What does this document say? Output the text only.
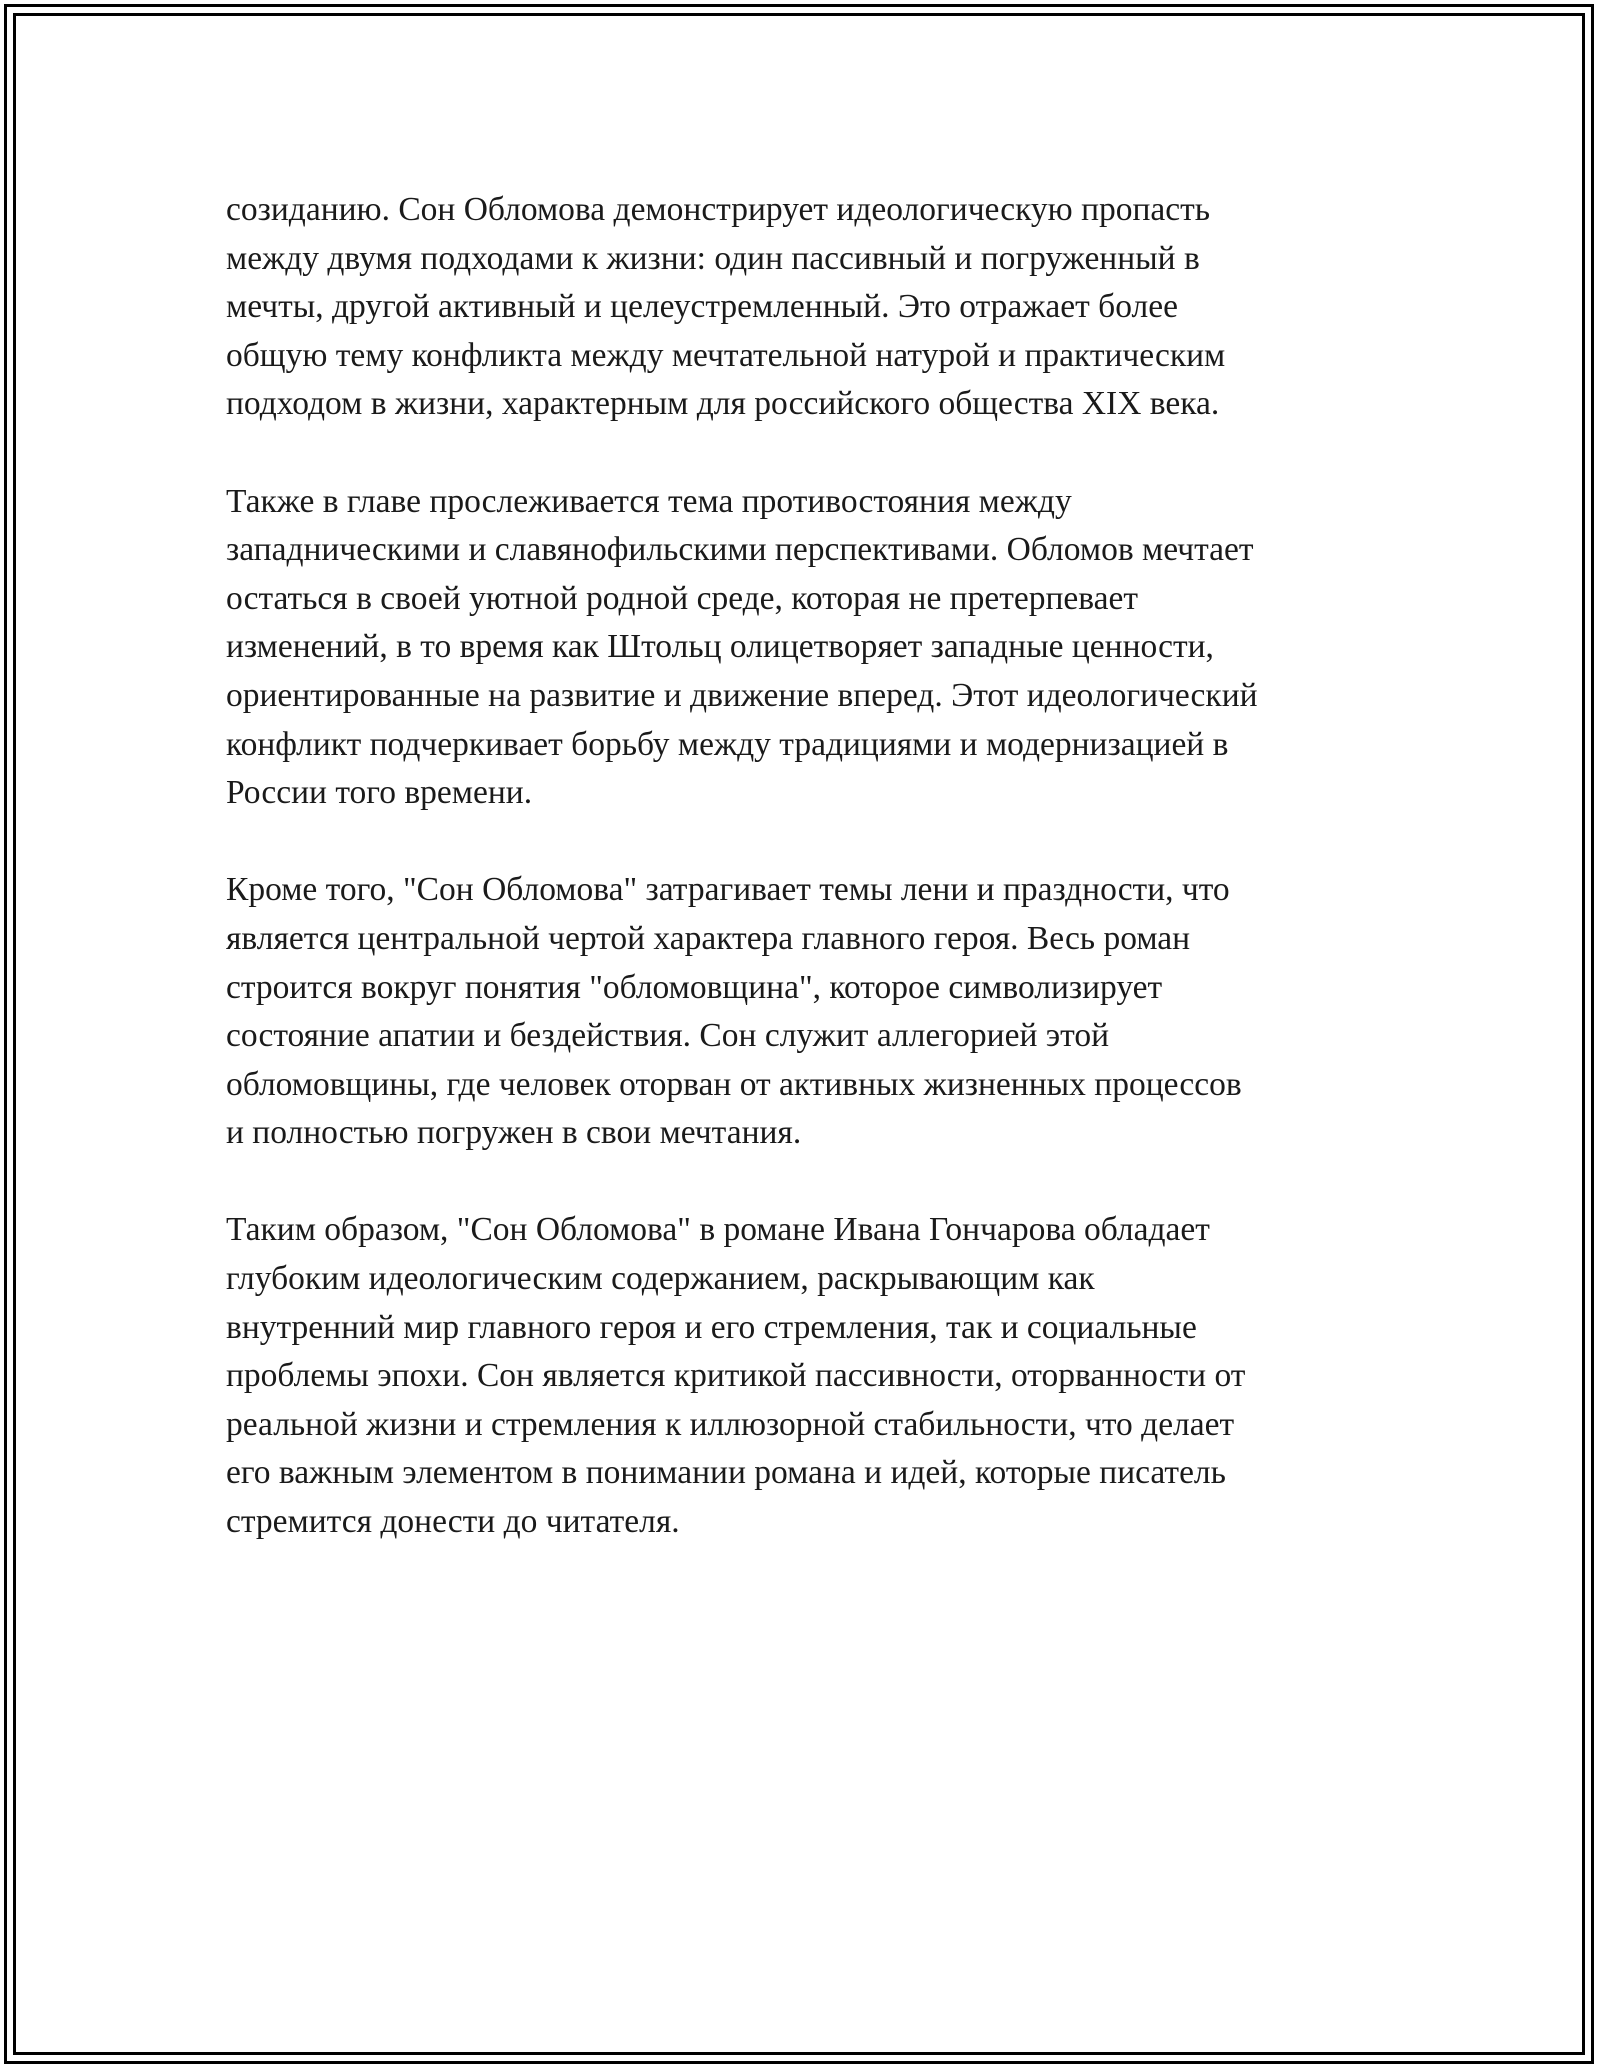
созиданию. Сон Обломова демонстрирует идеологическую пропасть
между двумя подходами к жизни: один пассивный и погруженный в
мечты, другой активный и целеустремленный. Это отражает более
общую тему конфликта между мечтательной натурой и практическим
подходом в жизни, характерным для российского общества XIX века.

Также в главе прослеживается тема противостояния между
западническими и славянофильскими перспективами. Обломов мечтает
остаться в своей уютной родной среде, которая не претерпевает
изменений, в то время как Штольц олицетворяет западные ценности,
ориентированные на развитие и движение вперед. Этот идеологический
конфликт подчеркивает борьбу между традициями и модернизацией в
России того времени.

Кроме того, "Сон Обломова" затрагивает темы лени и праздности, что
является центральной чертой характера главного героя. Весь роман
строится вокруг понятия "обломовщина", которое символизирует
состояние апатии и бездействия. Сон служит аллегорией этой
обломовщины, где человек оторван от активных жизненных процессов
и полностью погружен в свои мечтания.

Таким образом, "Сон Обломова" в романе Ивана Гончарова обладает
глубоким идеологическим содержанием, раскрывающим как
внутренний мир главного героя и его стремления, так и социальные
проблемы эпохи. Сон является критикой пассивности, оторванности от
реальной жизни и стремления к иллюзорной стабильности, что делает
его важным элементом в понимании романа и идей, которые писатель
стремится донести до читателя.
